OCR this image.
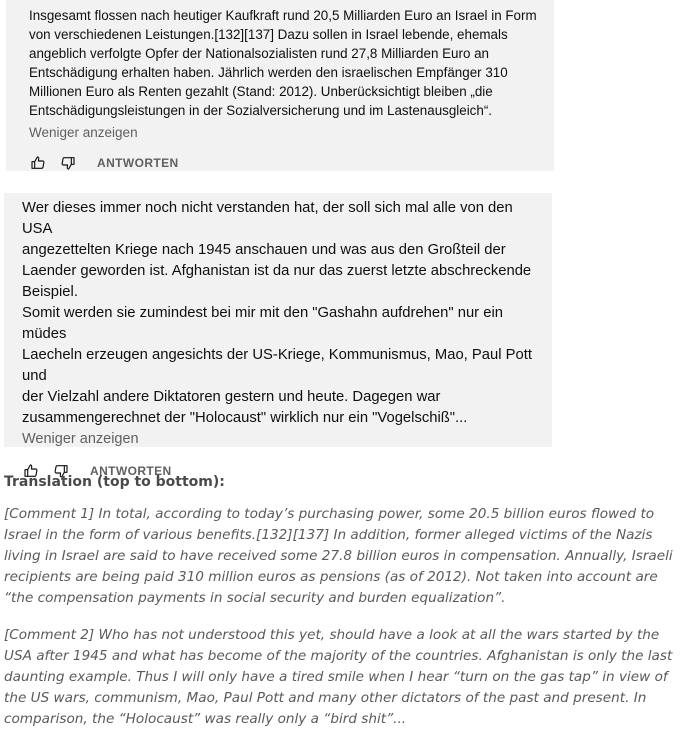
Insgesamt flossen nach heutiger Kaufkraft rund 20,5 Milliarden Euro an Israel in Form
von verschiedenen Leistungen.[132][137] Dazu sollen in Israel lebende, ehemals
angeblich verfolgte Opfer der Nationalsozialisten rund 27,8 Milliarden Euro an
Entschädigung erhalten haben. Jährlich werden den israelischen Empfänger 310
Millionen Euro als Renten gezahlt (Stand: 2012). Unberücksichtigt bleiben „die
Entschädigungsleistungen in der Sozialversicherung und im Lastenausgleich“.

Weniger anzeigen
ANTWORTEN

Wer dieses immer noch nicht verstanden hat, der soll sich mal alle von den USA
angezettelten Kriege nach 1945 anschauen und was aus den Großteil der
Laender geworden ist. Afghanistan ist da nur das zuerst letzte abschreckende
Beispiel.
Somit werden sie zumindest bei mir mit den "Gashahn aufdrehen" nur ein müdes
Laecheln erzeugen angesichts der US-Kriege, Kommunismus, Mao, Paul Pott und
der Vielzahl andere Diktatoren gestern und heute. Dagegen war
zusammengerechnet der "Holocaust" wirklich nur ein "Vogelschiß"...

Weniger anzeigen
ANTWORTEN

Translation (top to bottom):

[Comment 1] In total, according to today’s purchasing power, some 20.5 billion euros flowed to Israel in the form of various benefits.[132][137] In addition, former alleged victims of the Nazis living in Israel are said to have received some 27.8 billion euros in compensation. Annually, Israeli recipients are being paid 310 million euros as pensions (as of 2012). Not taken into account are “the compensation payments in social security and burden equalization”.

[Comment 2] Who has not understood this yet, should have a look at all the wars started by the USA after 1945 and what has become of the majority of the countries. Afghanistan is only the last daunting example. Thus I will only have a tired smile when I hear “turn on the gas tap” in view of the US wars, communism, Mao, Paul Pott and many other dictators of the past and present. In comparison, the “Holocaust” was really only a “bird shit”...
